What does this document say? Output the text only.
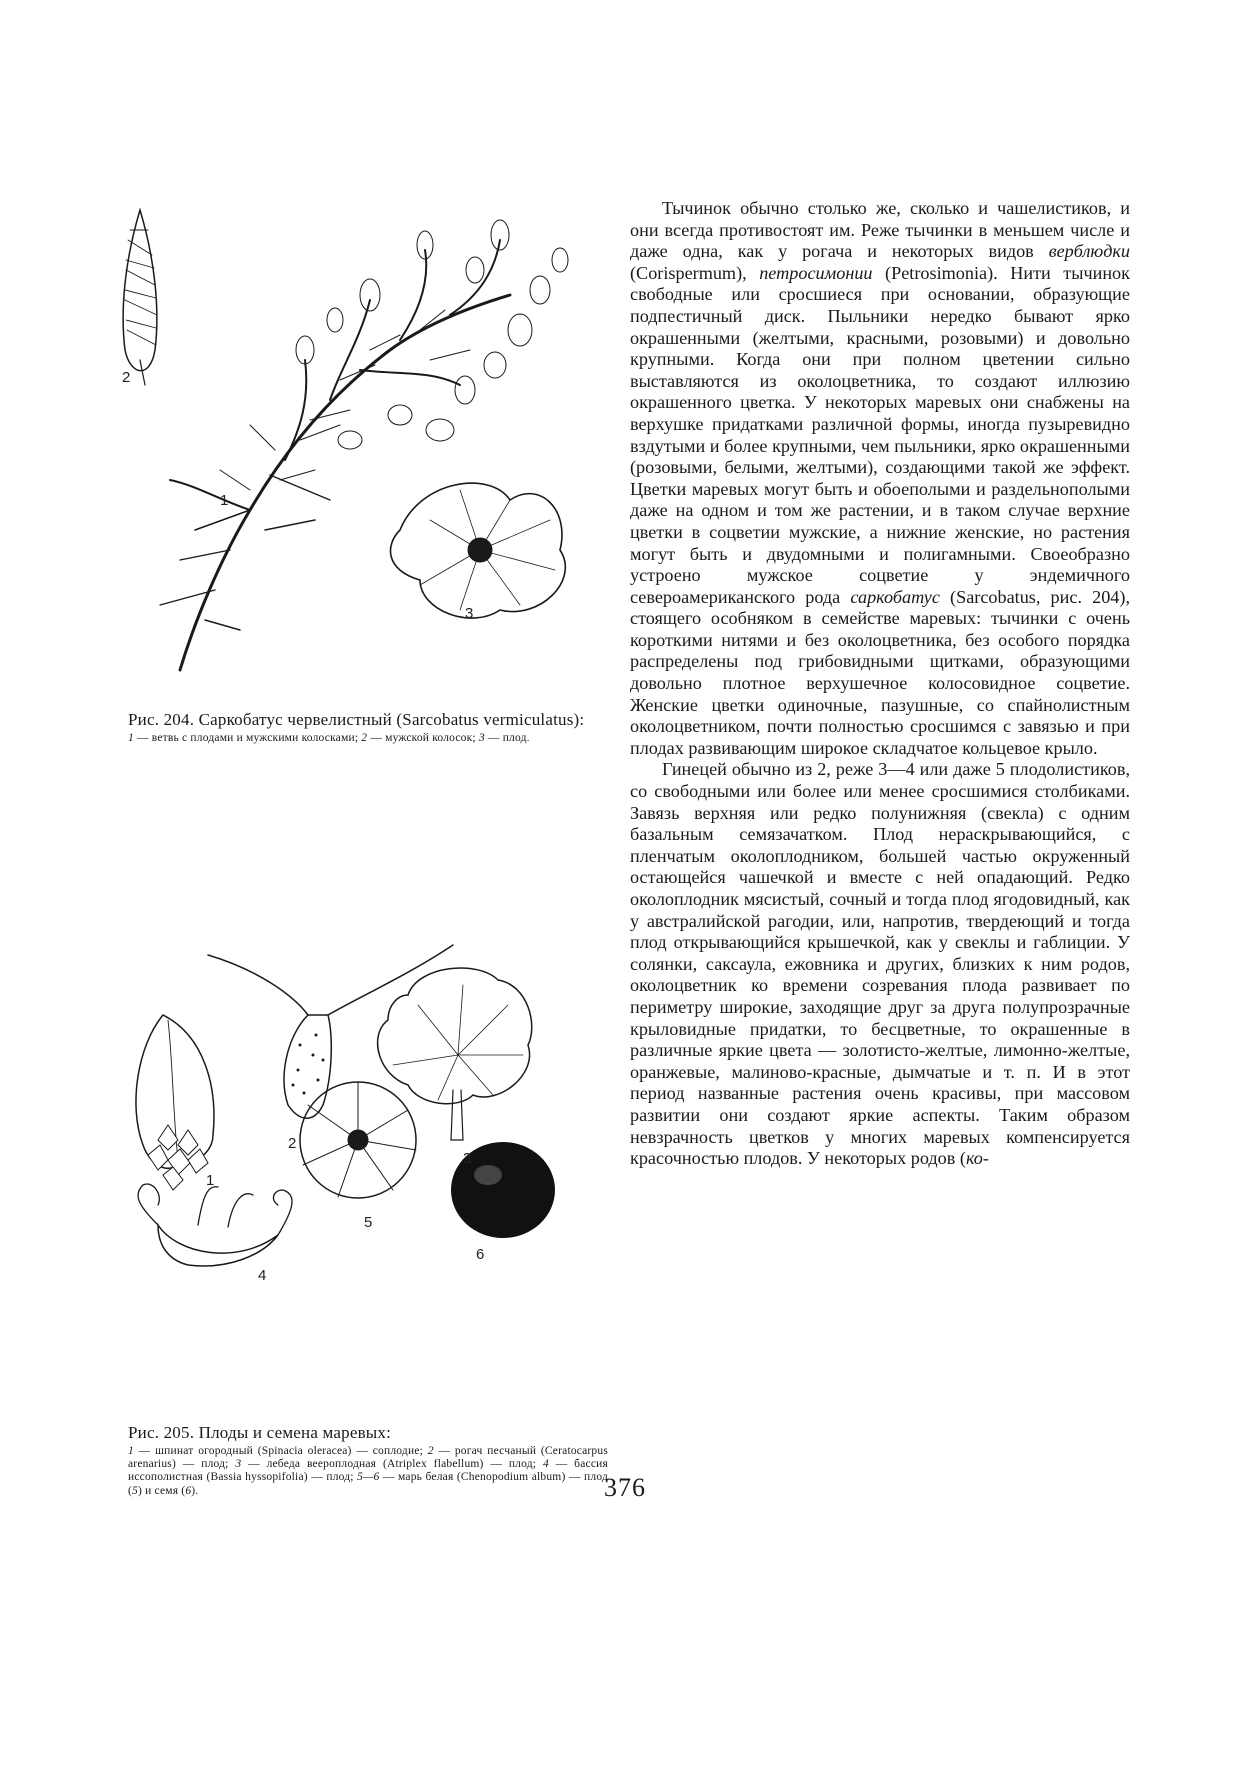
2
1
3
Рис. 204. Саркобатус червелистный (Sarcobatus vermiculatus):
1 — ветвь с плодами и мужскими колосками; 2 — мужской колосок; 3 — плод.
1
2
3
4
5
6
Рис. 205. Плоды и семена маревых:
1 — шпинат огородный (Spinacia oleracea) — соплодие; 2 — рогач песчаный (Ceratocarpus arenarius) — плод; 3 — лебеда веерoплодная (Atriplex flabellum) — плод; 4 — бассия иссополистная (Bassia hyssopifolia) — плод; 5—6 — марь белая (Chenopodium album) — плод (5) и семя (6).

Тычинок обычно столько же, сколько и чашелистиков, и они всегда противостоят им. Реже тычинки в меньшем числе и даже одна, как у рогача и некоторых видов верблюдки (Corispermum), петросимонии (Petrosimonia). Нити тычинок свободные или сросшиеся при основании, образующие подпестичный диск. Пыльники нередко бывают ярко окрашенными (желтыми, красными, розовыми) и довольно крупными. Когда они при полном цветении сильно выставляются из околоцветника, то создают иллюзию окрашенного цветка. У некоторых маревых они снабжены на верхушке придатками различной формы, иногда пузыревидно вздутыми и более крупными, чем пыльники, ярко окрашенными (розовыми, белыми, желтыми), создающими такой же эффект. Цветки маревых могут быть и обоеполыми и раздельнополыми даже на одном и том же растении, и в таком случае верхние цветки в соцветии мужские, а нижние женские, но растения могут быть и двудомными и полигамными. Своеобразно устроено мужское соцветие у эндемичного североамериканского рода саркобатус (Sarcobatus, рис. 204), стоящего особняком в семействе маревых: тычинки с очень короткими нитями и без околоцветника, без особого порядка распределены под грибовидными щитками, образующими довольно плотное верхушечное колосовидное соцветие. Женские цветки одиночные, пазушные, со спайнолистным околоцветником, почти полностью сросшимся с завязью и при плодах развивающим широкое складчатое кольцевое крыло.

Гинецей обычно из 2, реже 3—4 или даже 5 плодолистиков, со свободными или более или менее сросшимися столбиками. Завязь верхняя или редко полунижняя (свекла) с одним базальным семязачатком. Плод нераскрывающийся, с пленчатым околоплодником, большей частью окруженный остающейся чашечкой и вместе с ней опадающий. Редко околоплодник мясистый, сочный и тогда плод ягодовидный, как у австралийской рагодии, или, напротив, твердеющий и тогда плод открывающийся крышечкой, как у свеклы и габлиции. У солянки, саксаула, ежовника и других, близких к ним родов, околоцветник ко времени созревания плода развивает по периметру широкие, заходящие друг за друга полупрозрачные крыловидные придатки, то бесцветные, то окрашенные в различные яркие цвета — золотисто-желтые, лимонно-желтые, оранжевые, малиново-красные, дымчатые и т. п. И в этот период названные растения очень красивы, при массовом развитии они создают яркие аспекты. Таким образом невзрачность цветков у многих маревых компенсируется красочностью плодов. У некоторых родов (ко-

376
